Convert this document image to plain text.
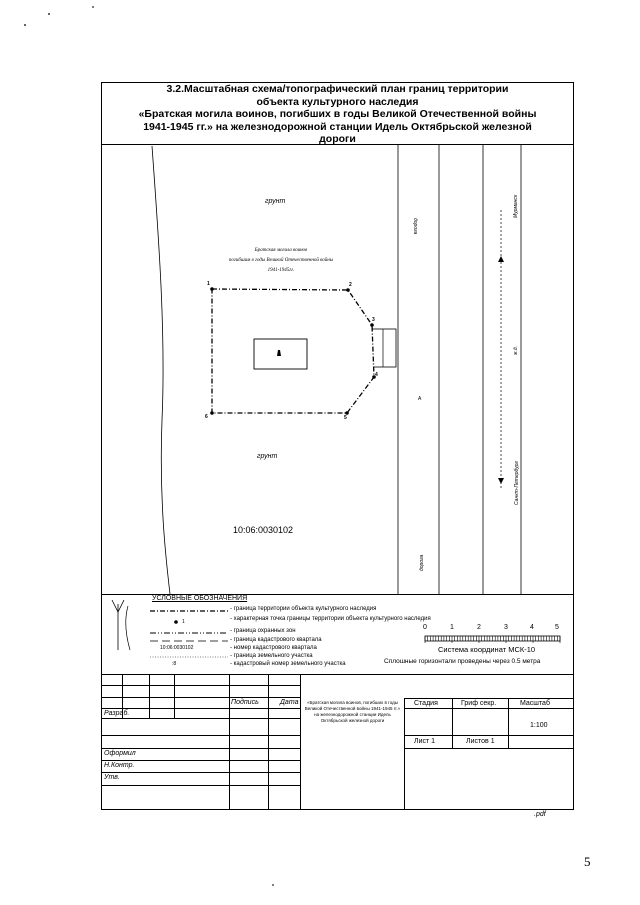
3.2.Масштабная схема/топографический план границ территории
объекта культурного наследия
«Братская могила воинов, погибших в годы Великой Отечественной войны
1941-1945 гг.» на железнодорожной станции Идель Октябрьской железной
дороги
грунт
грунт
Братская могила воинов
погибшим в годы Великой Отечественной войны
1941-1945гг.
1	2
3
4
5
6
А
10:06:0030102
дорога
дорога
Мурманск
ж.д.
Санкт-Петербург
УСЛОВНЫЕ ОБОЗНАЧЕНИЯ
1
10:06:0030102
:8
- граница территории объекта культурного наследия
- характерная точка границы территории объекта культурного наследия
- граница охранных зон
- граница кадастрового квартала
- номер кадастрового квартала
- граница земельного участка
- кадастровый номер земельного участка
0	1	2	3	4	5
Система координат МСК-10
Сплошные горизонтали проведены через 0.5 метра
Подпись	Дата
Разраб.
Оформил
Н.Контр.
Утв.
«Братская могила воинов, погибших в годы Великой Отечественной войны 1941-1945 гг.» на железнодорожной станции Идель Октябрьской железной дороги
Стадия	Гриф секр.	Масштаб
1:100
Лист 1	Листов 1
.pdf
5
